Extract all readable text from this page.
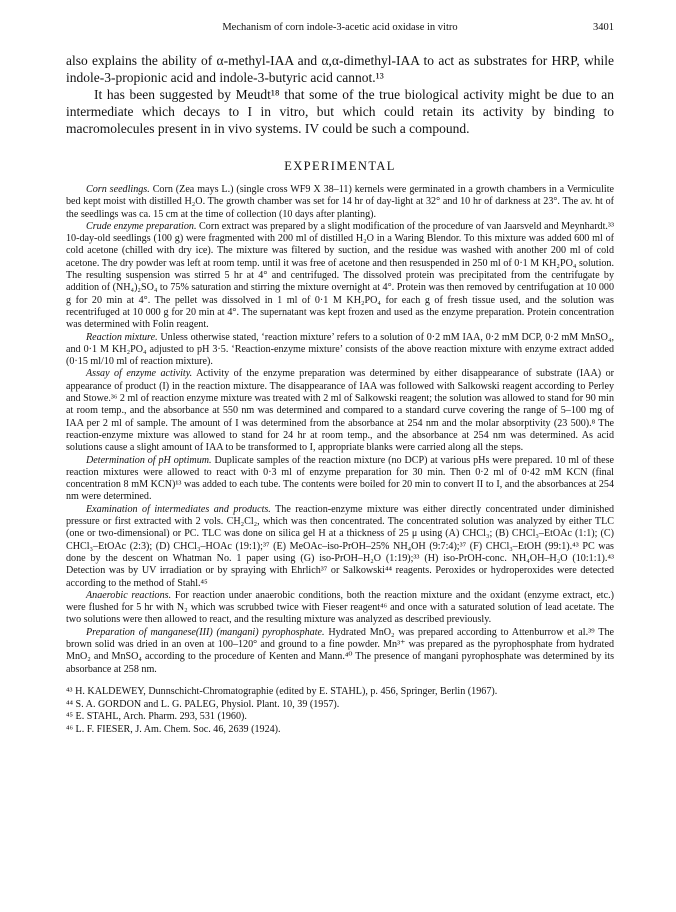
Mechanism of corn indole-3-acetic acid oxidase in vitro	3401

also explains the ability of α-methyl-IAA and α,α-dimethyl-IAA to act as substrates for HRP, while indole-3-propionic acid and indole-3-butyric acid cannot.¹³

It has been suggested by Meudt¹⁸ that some of the true biological activity might be due to an intermediate which decays to I in vitro, but which could retain its activity by binding to macromolecules present in in vivo systems. IV could be such a compound.

EXPERIMENTAL

Corn seedlings. Corn (Zea mays L.) (single cross WF9 X 38–11) kernels were germinated in a growth chambers in a Vermiculite bed kept moist with distilled H₂O. The growth chamber was set for 14 hr of day-light at 32° and 10 hr of darkness at 23°. The av. ht of the seedlings was ca. 15 cm at the time of collection (10 days after planting).

Crude enzyme preparation. Corn extract was prepared by a slight modification of the procedure of van Jaarsveld and Meynhardt.³³ 10-day-old seedlings (100 g) were fragmented with 200 ml of distilled H₂O in a Waring Blendor. To this mixture was added 600 ml of cold acetone (chilled with dry ice). The mixture was filtered by suction, and the residue was washed with another 200 ml of cold acetone. The dry powder was left at room temp. until it was free of acetone and then resuspended in 250 ml of 0·1 M KH₂PO₄ solution. The resulting suspension was stirred 5 hr at 4° and centrifuged. The dissolved protein was precipitated from the centrifugate by addition of (NH₄)₂SO₄ to 75% saturation and stirring the mixture overnight at 4°. Protein was then removed by centrifugation at 10 000 g for 20 min at 4°. The pellet was dissolved in 1 ml of 0·1 M KH₂PO₄ for each g of fresh tissue used, and the solution was recentrifuged at 10 000 g for 20 min at 4°. The supernatant was kept frozen and used as the enzyme preparation. Protein concentration was determined with Folin reagent.

Reaction mixture. Unless otherwise stated, ‘reaction mixture’ refers to a solution of 0·2 mM IAA, 0·2 mM DCP, 0·2 mM MnSO₄, and 0·1 M KH₂PO₄ adjusted to pH 3·5. ‘Reaction-enzyme mixture’ consists of the above reaction mixture with enzyme extract added (0·15 ml/10 ml of reaction mixture).

Assay of enzyme activity. Activity of the enzyme preparation was determined by either disappearance of substrate (IAA) or appearance of product (I) in the reaction mixture. The disappearance of IAA was followed with Salkowski reagent according to Perley and Stowe.³⁶ 2 ml of reaction enzyme mixture was treated with 2 ml of Salkowski reagent; the solution was allowed to stand for 90 min at room temp., and the absorbance at 550 nm was determined and compared to a standard curve covering the range of 5–100 mg of IAA per 2 ml of sample. The amount of I was determined from the absorbance at 254 nm and the molar absorptivity (23 500).⁸ The reaction-enzyme mixture was allowed to stand for 24 hr at room temp., and the absorbance at 254 nm was determined. As acid solutions cause a slight amount of IAA to be transformed to I, appropriate blanks were carried along all the steps.

Determination of pH optimum. Duplicate samples of the reaction mixture (no DCP) at various pHs were prepared. 10 ml of these reaction mixtures were allowed to react with 0·3 ml of enzyme preparation for 30 min. Then 0·2 ml of 0·42 mM KCN (final concentration 8 mM KCN)¹³ was added to each tube. The contents were boiled for 20 min to convert II to I, and the absorbances at 254 nm were determined.

Examination of intermediates and products. The reaction-enzyme mixture was either directly concentrated under diminished pressure or first extracted with 2 vols. CH₂Cl₂, which was then concentrated. The concentrated solution was analyzed by either TLC (one or two-dimensional) or PC. TLC was done on silica gel H at a thickness of 25 μ using (A) CHCl₃; (B) CHCl₃–EtOAc (1:1); (C) CHCl₃–EtOAc (2:3); (D) CHCl₃–HOAc (19:1);³⁷ (E) MeOAc–iso-PrOH–25% NH₄OH (9:7:4);³⁷ (F) CHCl₃–EtOH (99:1).⁴³ PC was done by the descent on Whatman No. 1 paper using (G) iso-PrOH–H₂O (1:19);³³ (H) iso-PrOH-conc. NH₄OH–H₂O (10:1:1).⁴³ Detection was by UV irradiation or by spraying with Ehrlich³⁷ or Salkowski⁴⁴ reagents. Peroxides or hydroperoxides were detected according to the method of Stahl.⁴⁵

Anaerobic reactions. For reaction under anaerobic conditions, both the reaction mixture and the oxidant (enzyme extract, etc.) were flushed for 5 hr with N₂ which was scrubbed twice with Fieser reagent⁴⁶ and once with a saturated solution of lead acetate. The two solutions were then allowed to react, and the resulting mixture was analyzed as described previously.

Preparation of manganese(III) (mangani) pyrophosphate. Hydrated MnO₂ was prepared according to Attenburrow et al.³⁹ The brown solid was dried in an oven at 100–120° and ground to a fine powder. Mn³⁺ was prepared as the pyrophosphate from hydrated MnO₂ and MnSO₄ according to the procedure of Kenten and Mann.⁴⁰ The presence of mangani pyrophosphate was determined by its absorbance at 258 nm.

⁴³ H. KALDEWEY, Dunnschicht-Chromatographie (edited by E. STAHL), p. 456, Springer, Berlin (1967).

⁴⁴ S. A. GORDON and L. G. PALEG, Physiol. Plant. 10, 39 (1957).

⁴⁵ E. STAHL, Arch. Pharm. 293, 531 (1960).

⁴⁶ L. F. FIESER, J. Am. Chem. Soc. 46, 2639 (1924).
